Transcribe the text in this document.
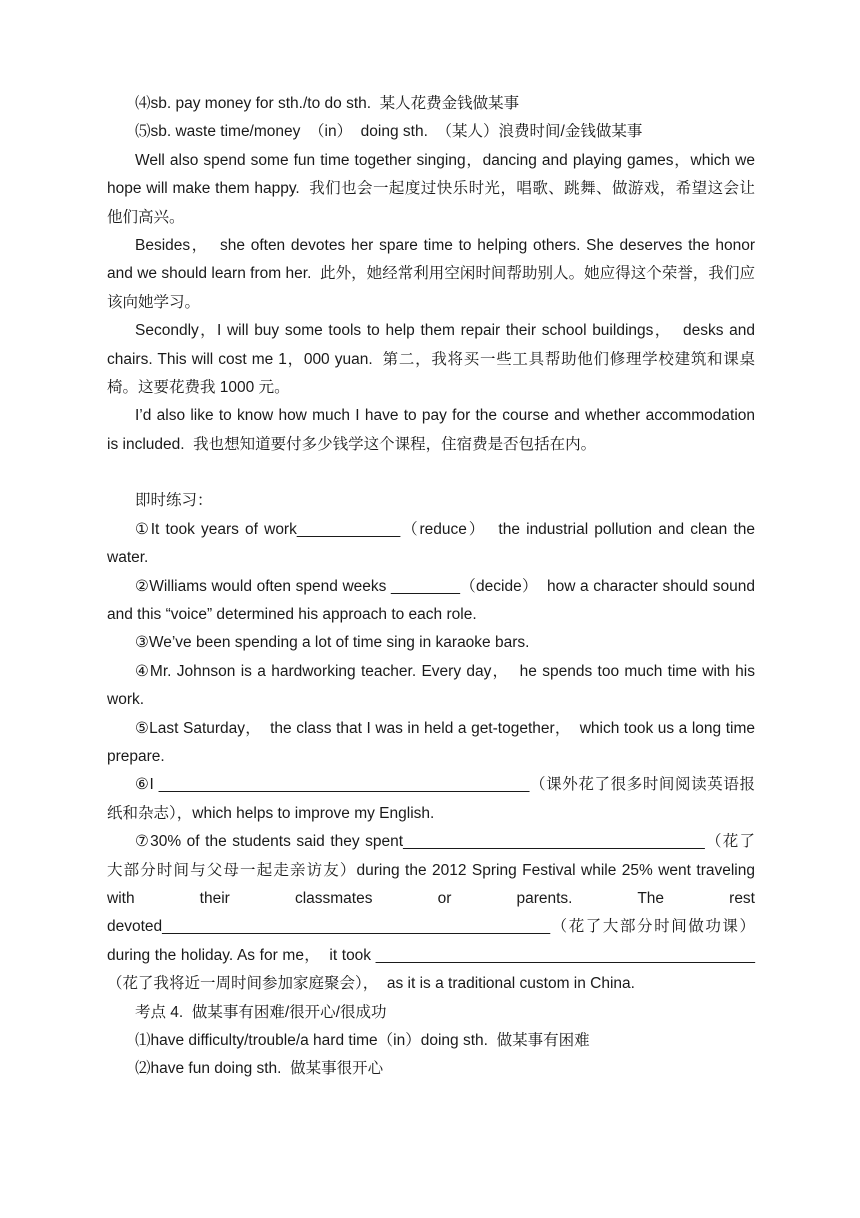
⑷sb. pay money for sth./to do sth.  某人花费金钱做某事

⑸sb. waste time/money  （in）  doing sth.  （某人）浪费时间/金钱做某事

Well also spend some fun time together singing，dancing and playing games，which we hope will make them happy.  我们也会一起度过快乐时光，唱歌、跳舞、做游戏，希望这会让他们高兴。

Besides，  she often devotes her spare time to helping others. She deserves the honor and we should learn from her.  此外，她经常利用空闲时间帮助别人。她应得这个荣誉，我们应该向她学习。

Secondly，I will buy some tools to help them repair their school buildings，  desks and chairs. This will cost me 1，000 yuan.  第二，我将买一些工具帮助他们修理学校建筑和课桌椅。这要花费我 1000 元。

I’d also like to know how much I have to pay for the course and whether accommodation is included.  我也想知道要付多少钱学这个课程，住宿费是否包括在内。

即时练习：

①It took years of work____________（reduce）  the industrial pollution and clean the water.

②Williams would often spend weeks ________（decide）  how a character should sound and this “voice” determined his approach to each role.

③We’ve been spending a lot of time sing in karaoke bars.

④Mr. Johnson is a hardworking teacher. Every day，  he spends too much time with his work.

⑤Last Saturday，  the class that I was in held a get-together，  which took us a long time prepare.

⑥I ___________________________________________（课外花了很多时间阅读英语报纸和杂志），which helps to improve my English.

⑦30% of the students said they spent___________________________________（花了大部分时间与父母一起走亲访友）during the 2012 Spring Festival while 25% went traveling with their classmates or parents. The rest devoted_____________________________________________（花了大部分时间做功课）during the holiday. As for me，  it took ____________________________________________（花了我将近一周时间参加家庭聚会），  as it is a traditional custom in China.

考点 4.  做某事有困难/很开心/很成功

⑴have difficulty/trouble/a hard time（in）doing sth.  做某事有困难

⑵have fun doing sth.  做某事很开心
